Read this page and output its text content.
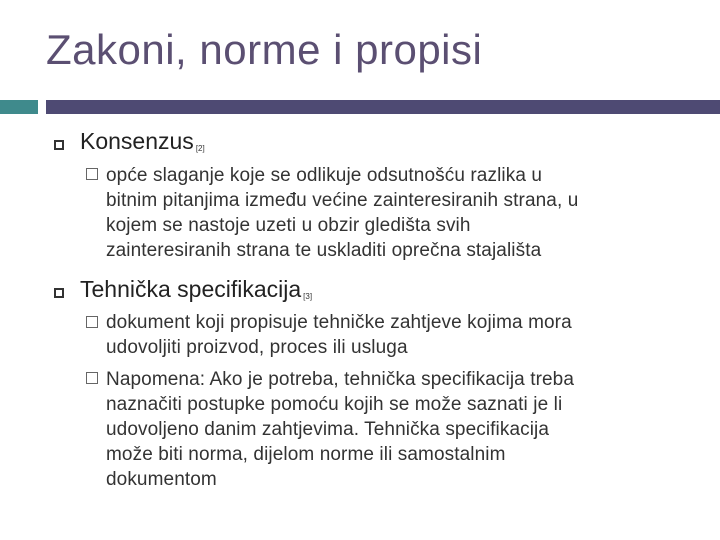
Zakoni, norme i propisi
Konsenzus [2]
opće slaganje koje se odlikuje odsutnošću razlika u
bitnim pitanjima između većine zainteresiranih strana, u
kojem se nastoje uzeti u obzir gledišta svih
zainteresiranih strana te uskladiti oprečna stajališta
Tehnička specifikacija [3]
dokument koji propisuje tehničke zahtjeve kojima mora
udovoljiti proizvod, proces ili usluga
Napomena: Ako je potreba, tehnička specifikacija treba
naznačiti postupke pomoću kojih se može saznati je li
udovoljeno danim zahtjevima. Tehnička specifikacija
može biti norma, dijelom norme ili samostalnim
dokumentom
